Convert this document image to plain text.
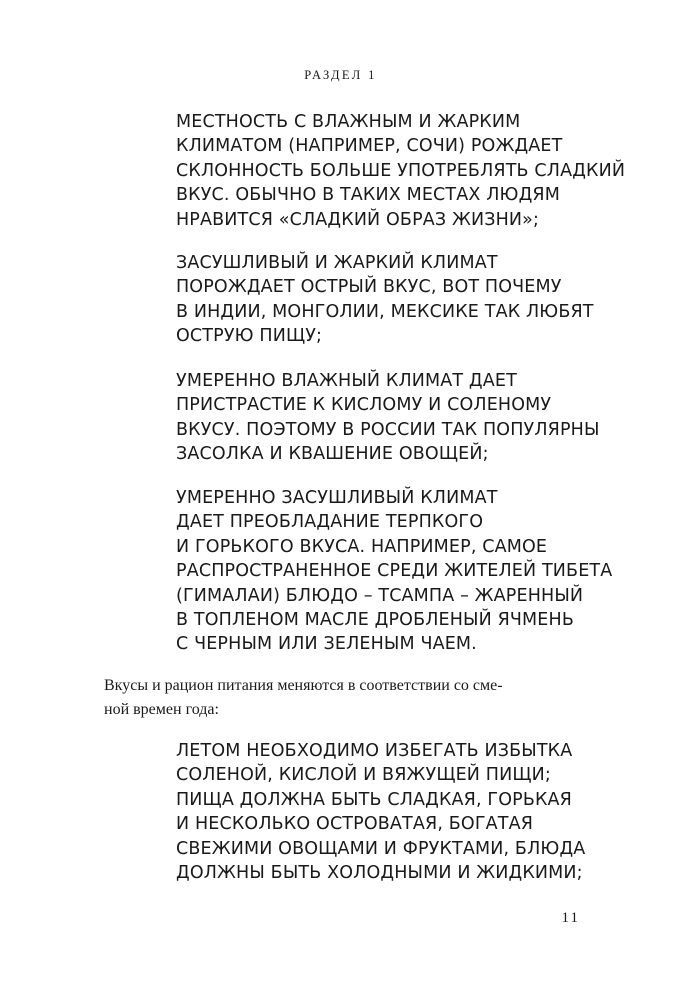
РАЗДЕЛ 1
МЕСТНОСТЬ С ВЛАЖНЫМ И ЖАРКИМ
КЛИМАТОМ (НАПРИМЕР, СОЧИ) РОЖДАЕТ
СКЛОННОСТЬ БОЛЬШЕ УПОТРЕБЛЯТЬ СЛАДКИЙ
ВКУС. ОБЫЧНО В ТАКИХ МЕСТАХ ЛЮДЯМ
НРАВИТСЯ «СЛАДКИЙ ОБРАЗ ЖИЗНИ»;
ЗАСУШЛИВЫЙ И ЖАРКИЙ КЛИМАТ
ПОРОЖДАЕТ ОСТРЫЙ ВКУС, ВОТ ПОЧЕМУ
В ИНДИИ, МОНГОЛИИ, МЕКСИКЕ ТАК ЛЮБЯТ
ОСТРУЮ ПИЩУ;
УМЕРЕННО ВЛАЖНЫЙ КЛИМАТ ДАЕТ
ПРИСТРАСТИЕ К КИСЛОМУ И СОЛЕНОМУ
ВКУСУ. ПОЭТОМУ В РОССИИ ТАК ПОПУЛЯРНЫ
ЗАСОЛКА И КВАШЕНИЕ ОВОЩЕЙ;
УМЕРЕННО ЗАСУШЛИВЫЙ КЛИМАТ
ДАЕТ ПРЕОБЛАДАНИЕ ТЕРПКОГО
И ГОРЬКОГО ВКУСА. НАПРИМЕР, САМОЕ
РАСПРОСТРАНЕННОЕ СРЕДИ ЖИТЕЛЕЙ ТИБЕТА
(ГИМАЛАИ) БЛЮДО – ТСАМПА – ЖАРЕННЫЙ
В ТОПЛЕНОМ МАСЛЕ ДРОБЛЕНЫЙ ЯЧМЕНЬ
С ЧЕРНЫМ ИЛИ ЗЕЛЕНЫМ ЧАЕМ.
Вкусы и рацион питания меняются в соответствии со сме-
ной времен года:
ЛЕТОМ НЕОБХОДИМО ИЗБЕГАТЬ ИЗБЫТКА
СОЛЕНОЙ, КИСЛОЙ И ВЯЖУЩЕЙ ПИЩИ;
ПИЩА ДОЛЖНА БЫТЬ СЛАДКАЯ, ГОРЬКАЯ
И НЕСКОЛЬКО ОСТРОВАТАЯ, БОГАТАЯ
СВЕЖИМИ ОВОЩАМИ И ФРУКТАМИ, БЛЮДА
ДОЛЖНЫ БЫТЬ ХОЛОДНЫМИ И ЖИДКИМИ;
11
